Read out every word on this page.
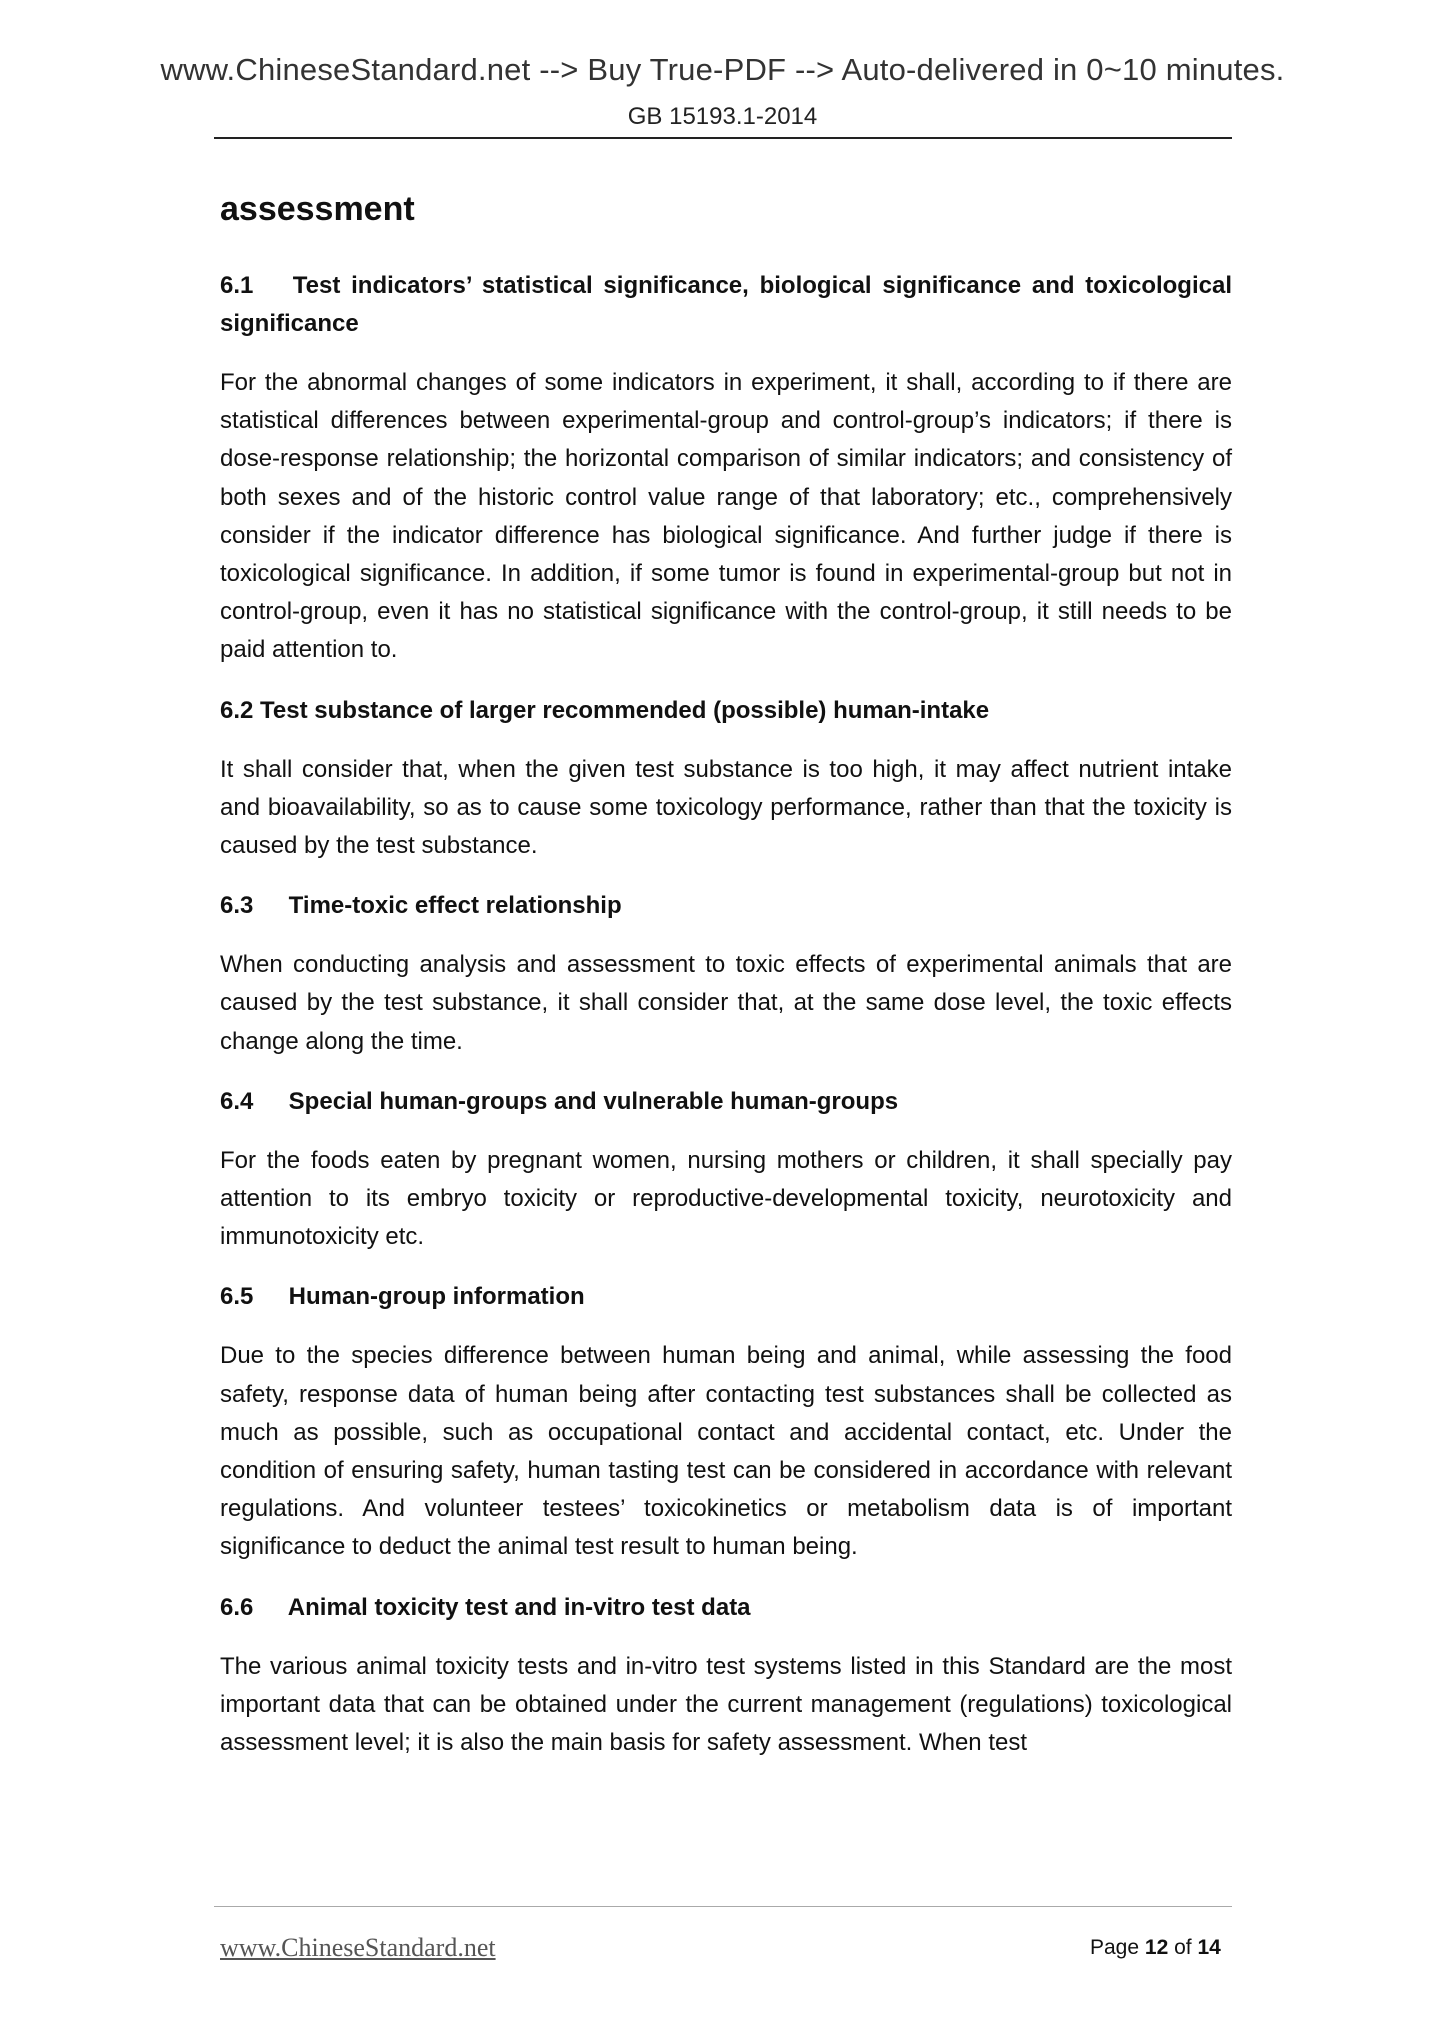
www.ChineseStandard.net --> Buy True-PDF --> Auto-delivered in 0~10 minutes.
GB 15193.1-2014
assessment
6.1 Test indicators’ statistical significance, biological significance and toxicological significance

For the abnormal changes of some indicators in experiment, it shall, according to if there are statistical differences between experimental-group and control-group’s indicators; if there is dose-response relationship; the horizontal comparison of similar indicators; and consistency of both sexes and of the historic control value range of that laboratory; etc., comprehensively consider if the indicator difference has biological significance. And further judge if there is toxicological significance. In addition, if some tumor is found in experimental-group but not in control-group, even it has no statistical significance with the control-group, it still needs to be paid attention to.

6.2 Test substance of larger recommended (possible) human-intake

It shall consider that, when the given test substance is too high, it may affect nutrient intake and bioavailability, so as to cause some toxicology performance, rather than that the toxicity is caused by the test substance.

6.3 Time-toxic effect relationship

When conducting analysis and assessment to toxic effects of experimental animals that are caused by the test substance, it shall consider that, at the same dose level, the toxic effects change along the time.

6.4 Special human-groups and vulnerable human-groups

For the foods eaten by pregnant women, nursing mothers or children, it shall specially pay attention to its embryo toxicity or reproductive-developmental toxicity, neurotoxicity and immunotoxicity etc.

6.5 Human-group information

Due to the species difference between human being and animal, while assessing the food safety, response data of human being after contacting test substances shall be collected as much as possible, such as occupational contact and accidental contact, etc. Under the condition of ensuring safety, human tasting test can be considered in accordance with relevant regulations. And volunteer testees’ toxicokinetics or metabolism data is of important significance to deduct the animal test result to human being.

6.6 Animal toxicity test and in-vitro test data

The various animal toxicity tests and in-vitro test systems listed in this Standard are the most important data that can be obtained under the current management (regulations) toxicological assessment level; it is also the main basis for safety assessment. When test

www.ChineseStandard.net	Page 12 of 14
